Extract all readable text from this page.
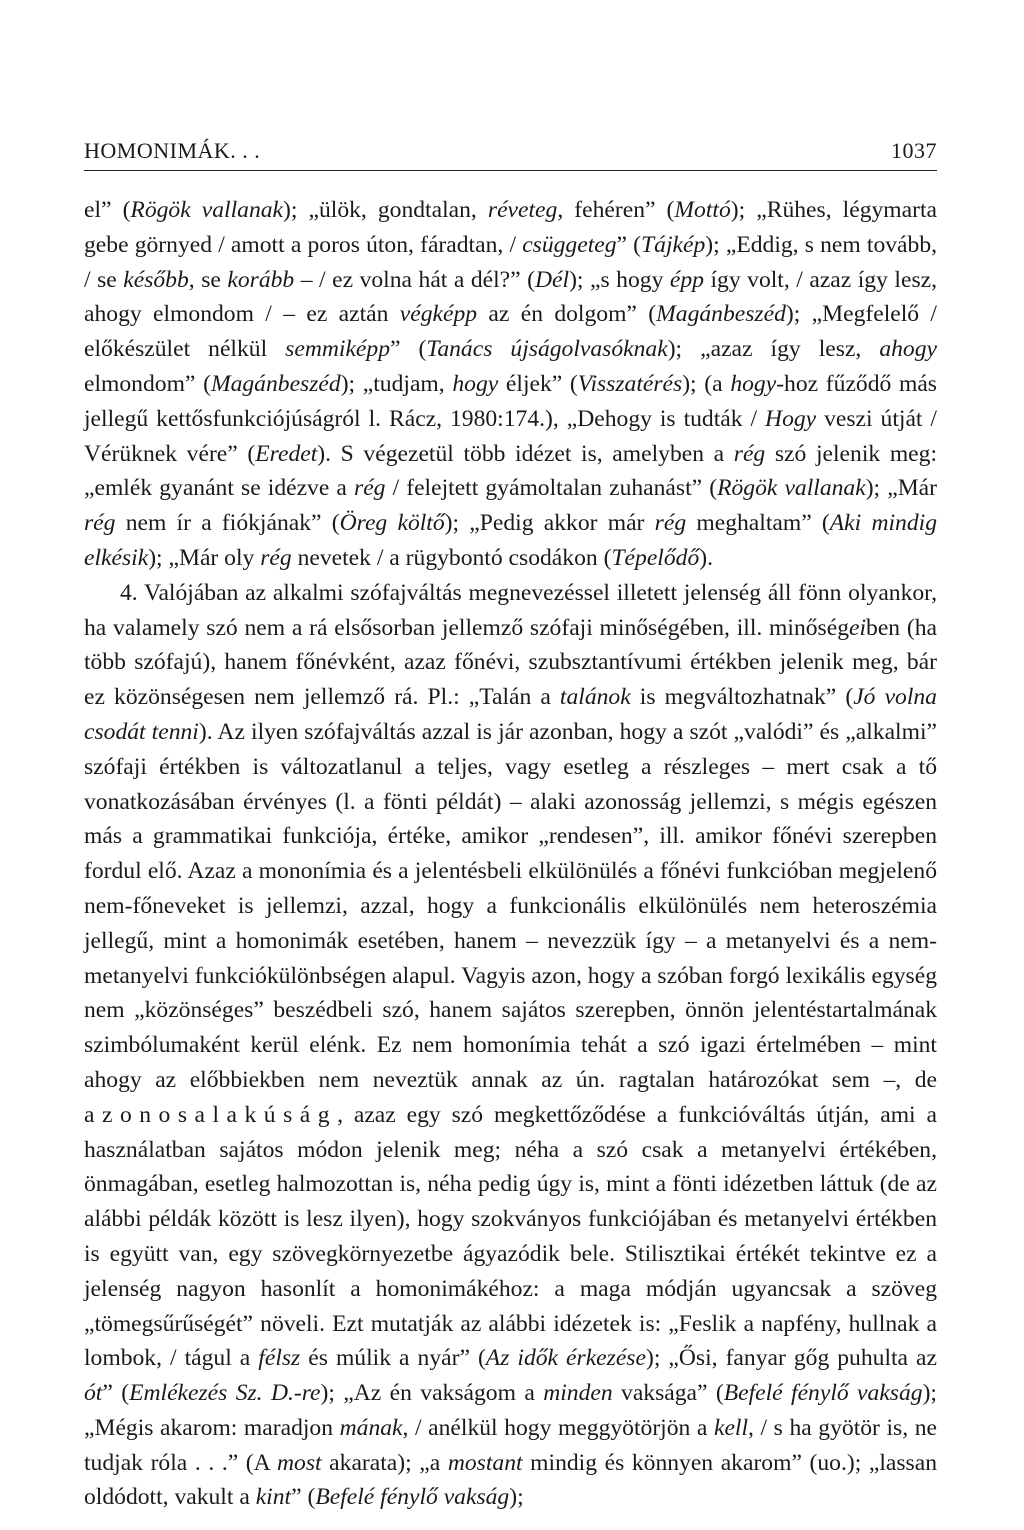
HOMONIMÁK. . .	1037

el” (Rögök vallanak); „ülök, gondtalan, réveteg, fehéren” (Mottó); „Rühes, légymarta gebe görnyed / amott a poros úton, fáradtan, / csüggeteg” (Tájkép); „Eddig, s nem tovább, / se később, se korább – / ez volna hát a dél?” (Dél); „s hogy épp így volt, / azaz így lesz, ahogy elmondom / – ez aztán végképp az én dolgom” (Magánbeszéd); „Megfelelő / előkészület nélkül semmiképp” (Tanács újságolvasóknak); „azaz így lesz, ahogy elmondom” (Magánbeszéd); „tudjam, hogy éljek” (Visszatérés); (a hogy-hoz fűződő más jellegű kettősfunkciójúságról l. Rácz, 1980:174.), „Dehogy is tudták / Hogy veszi útját / Vérüknek vére” (Eredet). S végezetül több idézet is, amelyben a rég szó jelenik meg: „emlék gyanánt se idézve a rég / felejtett gyámoltalan zuhanást” (Rögök vallanak); „Már rég nem ír a fiókjának” (Öreg költő); „Pedig akkor már rég meghaltam” (Aki mindig elkésik); „Már oly rég nevetek / a rügybontó csodákon (Tépelődő).

4. Valójában az alkalmi szófajváltás megnevezéssel illetett jelenség áll fönn olyankor, ha valamely szó nem a rá elsősorban jellemző szófaji minőségében, ill. minőségeiben (ha több szófajú), hanem főnévként, azaz főnévi, szubsztantívumi értékben jelenik meg, bár ez közönségesen nem jellemző rá. Pl.: „Talán a talánok is megváltozhatnak” (Jó volna csodát tenni). Az ilyen szófajváltás azzal is jár azonban, hogy a szót „valódi” és „alkalmi” szófaji értékben is változatlanul a teljes, vagy esetleg a részleges – mert csak a tő vonatkozásában érvényes (l. a fönti példát) – alaki azonosság jellemzi, s mégis egészen más a grammatikai funkciója, értéke, amikor „rendesen”, ill. amikor főnévi szerepben fordul elő. Azaz a mononímia és a jelentésbeli elkülönülés a főnévi funkcióban megjelenő nem-főneveket is jellemzi, azzal, hogy a funkcionális elkülönülés nem heteroszémia jellegű, mint a homonimák esetében, hanem – nevezzük így – a metanyelvi és a nem-metanyelvi funkciókülönbségen alapul. Vagyis azon, hogy a szóban forgó lexikális egység nem „közönséges” beszédbeli szó, hanem sajátos szerepben, önnön jelentéstartalmának szimbólumaként kerül elénk. Ez nem homonímia tehát a szó igazi értelmében – mint ahogy az előbbiekben nem neveztük annak az ún. ragtalan határozókat sem –, de azonosalakúság, azaz egy szó megkettőződése a funkcióváltás útján, ami a használatban sajátos módon jelenik meg; néha a szó csak a metanyelvi értékében, önmagában, esetleg halmozottan is, néha pedig úgy is, mint a fönti idézetben láttuk (de az alábbi példák között is lesz ilyen), hogy szokványos funkciójában és metanyelvi értékben is együtt van, egy szövegkörnyezetbe ágyazódik bele. Stilisztikai értékét tekintve ez a jelenség nagyon hasonlít a homonimákéhoz: a maga módján ugyancsak a szöveg „tömegsűrűségét” növeli. Ezt mutatják az alábbi idézetek is: „Feslik a napfény, hullnak a lombok, / tágul a félsz és múlik a nyár” (Az idők érkezése); „Ősi, fanyar gőg puhulta az ót” (Emlékezés Sz. D.-re); „Az én vakságom a minden vaksága” (Befelé fénylő vakság); „Mégis akarom: maradjon mának, / anélkül hogy meggyötörjön a kell, / s ha gyötör is, ne tudjak róla . . .” (A most akarata); „a mostant mindig és könnyen akarom” (uo.); „lassan oldódott, vakult a kint” (Befelé fénylő vakság);
